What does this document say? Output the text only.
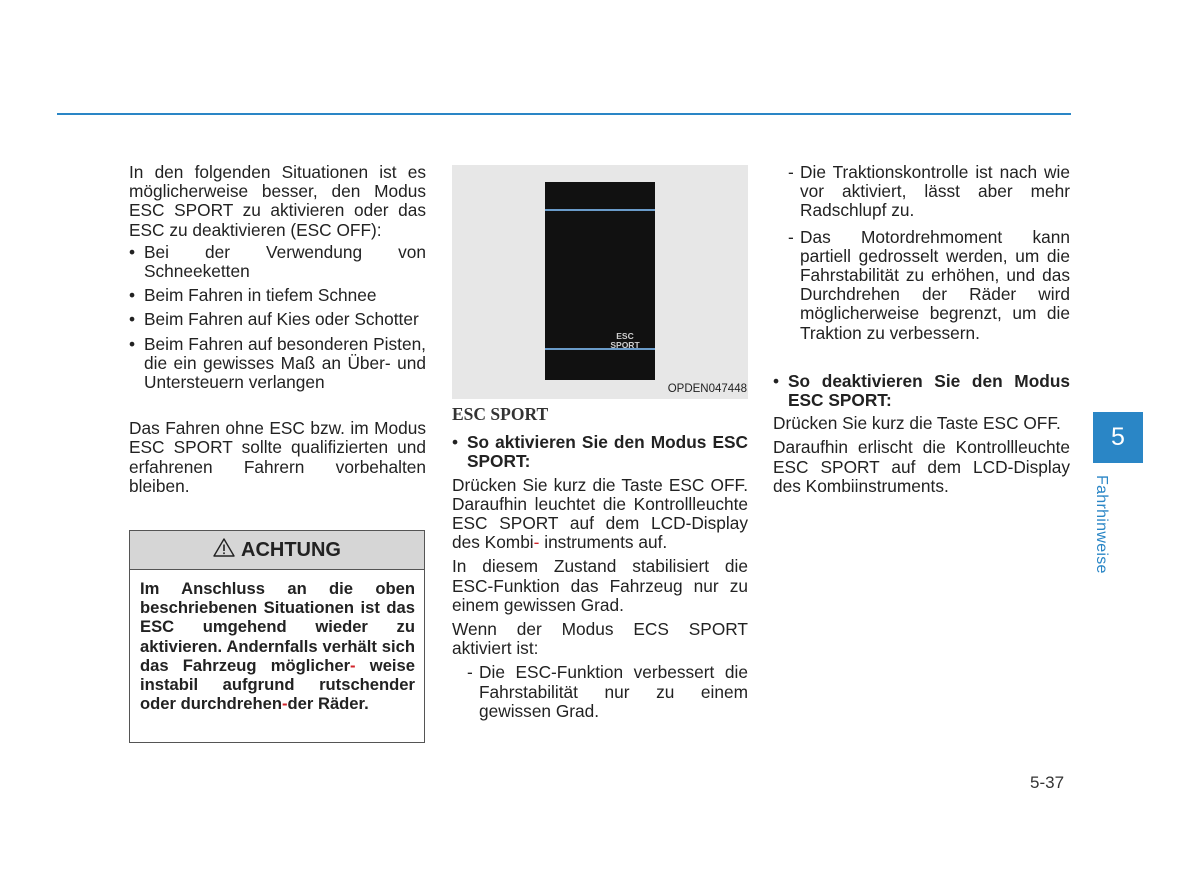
In den folgenden Situationen ist es möglicherweise besser, den Modus ESC SPORT zu aktivieren oder das ESC zu deaktivieren (ESC OFF):

• Bei der Verwendung von Schneeketten
• Beim Fahren in tiefem Schnee
• Beim Fahren auf Kies oder Schotter
• Beim Fahren auf besonderen Pisten, die ein gewisses Maß an Über- und Untersteuern verlangen

Das Fahren ohne ESC bzw. im Modus ESC SPORT sollte qualifizierten und erfahrenen Fahrern vorbehalten bleiben.

ACHTUNG
Im Anschluss an die oben beschriebenen Situationen ist das ESC umgehend wieder zu aktivieren. Andernfalls verhält sich das Fahrzeug möglicher- weise instabil aufgrund rutschender oder durchdrehen-der Räder.
ESC
SPORT
OPDEN047448
ESC SPORT
• So aktivieren Sie den Modus ESC SPORT:

Drücken Sie kurz die Taste ESC OFF. Daraufhin leuchtet die Kontrollleuchte ESC SPORT auf dem LCD-Display des Kombi- instruments auf.

In diesem Zustand stabilisiert die ESC-Funktion das Fahrzeug nur zu einem gewissen Grad.

Wenn der Modus ECS SPORT aktiviert ist:

- Die ESC-Funktion verbessert die Fahrstabilität nur zu einem gewissen Grad.
- Die Traktionskontrolle ist nach wie vor aktiviert, lässt aber mehr Radschlupf zu.
- Das Motordrehmoment kann partiell gedrosselt werden, um die Fahrstabilität zu erhöhen, und das Durchdrehen der Räder wird möglicherweise begrenzt, um die Traktion zu verbessern.
• So deaktivieren Sie den Modus ESC SPORT:

Drücken Sie kurz die Taste ESC OFF.

Daraufhin erlischt die Kontrollleuchte ESC SPORT auf dem LCD-Display des Kombiinstruments.

5
Fahrhinweise
5-37
